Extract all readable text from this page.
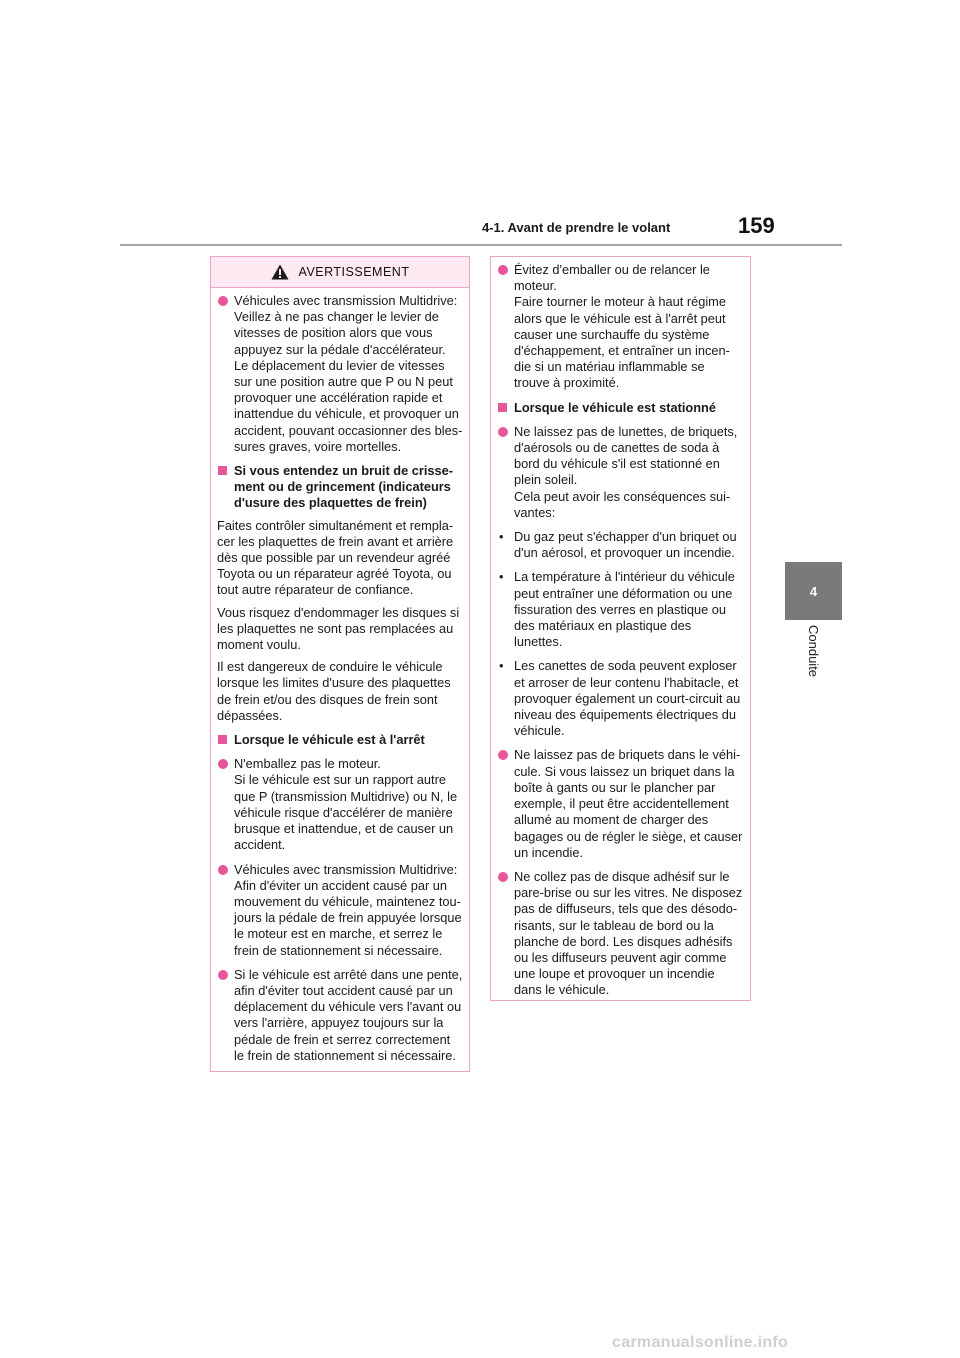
4-1. Avant de prendre le volant	159
4
Conduite
AVERTISSEMENT
Véhicules avec transmission Multidrive:
Veillez à ne pas changer le levier de
vitesses de position alors que vous
appuyez sur la pédale d'accélérateur.
Le déplacement du levier de vitesses
sur une position autre que P ou N peut
provoquer une accélération rapide et
inattendue du véhicule, et provoquer un
accident, pouvant occasionner des bles-
sures graves, voire mortelles.
Si vous entendez un bruit de crisse-
ment ou de grincement (indicateurs
d'usure des plaquettes de frein)
Faites contrôler simultanément et rempla-
cer les plaquettes de frein avant et arrière
dès que possible par un revendeur agréé
Toyota ou un réparateur agréé Toyota, ou
tout autre réparateur de confiance.
Vous risquez d'endommager les disques si
les plaquettes ne sont pas remplacées au
moment voulu.
Il est dangereux de conduire le véhicule
lorsque les limites d'usure des plaquettes
de frein et/ou des disques de frein sont
dépassées.
Lorsque le véhicule est à l'arrêt
N'emballez pas le moteur.
Si le véhicule est sur un rapport autre
que P (transmission Multidrive) ou N, le
véhicule risque d'accélérer de manière
brusque et inattendue, et de causer un
accident.
Véhicules avec transmission Multidrive:
Afin d'éviter un accident causé par un
mouvement du véhicule, maintenez tou-
jours la pédale de frein appuyée lorsque
le moteur est en marche, et serrez le
frein de stationnement si nécessaire.
Si le véhicule est arrêté dans une pente,
afin d'éviter tout accident causé par un
déplacement du véhicule vers l'avant ou
vers l'arrière, appuyez toujours sur la
pédale de frein et serrez correctement
le frein de stationnement si nécessaire.
Évitez d'emballer ou de relancer le
moteur.
Faire tourner le moteur à haut régime
alors que le véhicule est à l'arrêt peut
causer une surchauffe du système
d'échappement, et entraîner un incen-
die si un matériau inflammable se
trouve à proximité.
Lorsque le véhicule est stationné
Ne laissez pas de lunettes, de briquets,
d'aérosols ou de canettes de soda à
bord du véhicule s'il est stationné en
plein soleil.
Cela peut avoir les conséquences sui-
vantes:
• Du gaz peut s'échapper d'un briquet ou
d'un aérosol, et provoquer un incendie.
• La température à l'intérieur du véhicule
peut entraîner une déformation ou une
fissuration des verres en plastique ou
des matériaux en plastique des
lunettes.
• Les canettes de soda peuvent exploser
et arroser de leur contenu l'habitacle, et
provoquer également un court-circuit au
niveau des équipements électriques du
véhicule.
Ne laissez pas de briquets dans le véhi-
cule. Si vous laissez un briquet dans la
boîte à gants ou sur le plancher par
exemple, il peut être accidentellement
allumé au moment de charger des
bagages ou de régler le siège, et causer
un incendie.
Ne collez pas de disque adhésif sur le
pare-brise ou sur les vitres. Ne disposez
pas de diffuseurs, tels que des désodo-
risants, sur le tableau de bord ou la
planche de bord. Les disques adhésifs
ou les diffuseurs peuvent agir comme
une loupe et provoquer un incendie
dans le véhicule.
carmanualsonline.info
